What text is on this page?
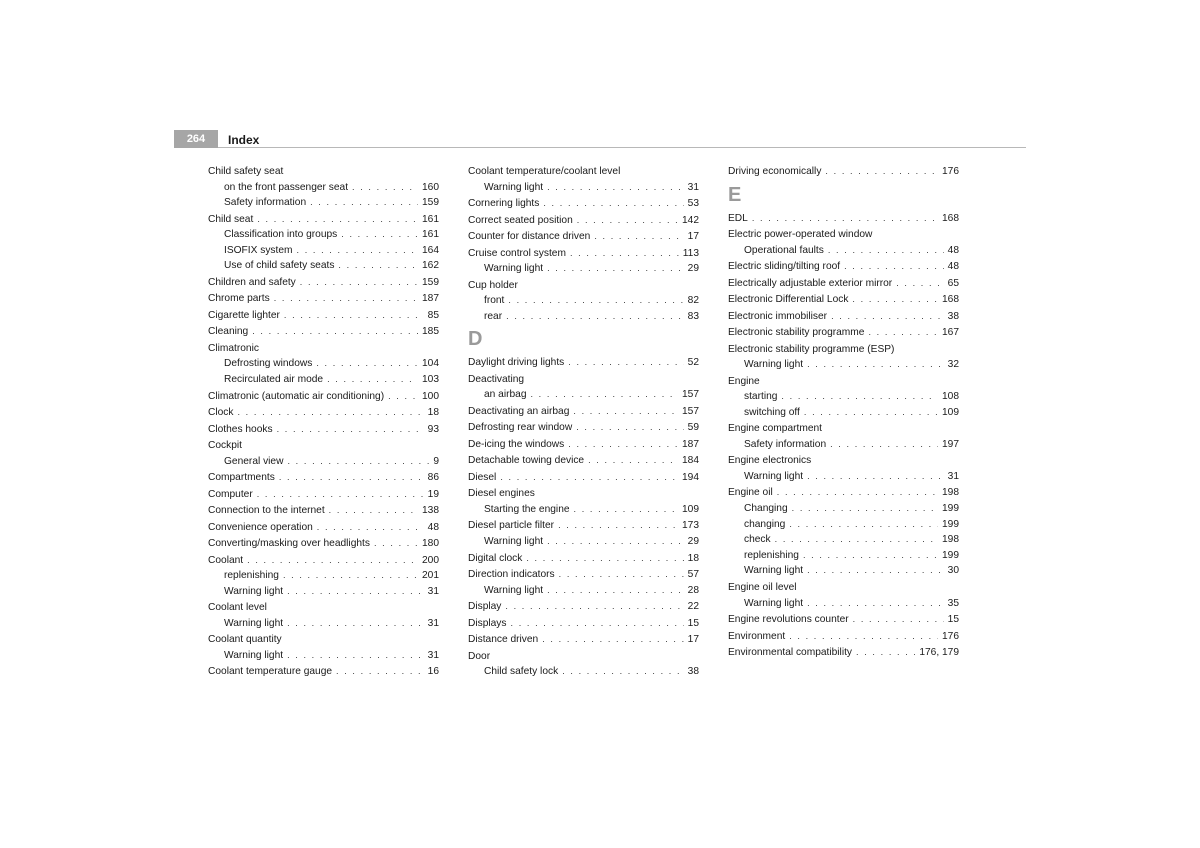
264	Index
Child safety seat
on the front passenger seat . . .	160
Safety information . . .	159
Child seat . . .	161
Classification into groups . . .	161
ISOFIX system . . .	164
Use of child safety seats . . .	162
Children and safety . . .	159
Chrome parts . . .	187
Cigarette lighter . . .	85
Cleaning . . .	185
Climatronic
Defrosting windows . . .	104
Recirculated air mode . . .	103
Climatronic (automatic air conditioning) . . .	100
Clock . . .	18
Clothes hooks . . .	93
Cockpit
General view . . .	9
Compartments . . .	86
Computer . . .	19
Connection to the internet . . .	138
Convenience operation . . .	48
Converting/masking over headlights . . .	180
Coolant . . .	200
replenishing . . .	201
Warning light . . .	31
Coolant level
Warning light . . .	31
Coolant quantity
Warning light . . .	31
Coolant temperature gauge . . .	16
Coolant temperature/coolant level
Warning light . . .	31
Cornering lights . . .	53
Correct seated position . . .	142
Counter for distance driven . . .	17
Cruise control system . . .	113
Warning light . . .	29
Cup holder
front . . .	82
rear . . .	83
D
Daylight driving lights . . .	52
Deactivating
an airbag . . .	157
Deactivating an airbag . . .	157
Defrosting rear window . . .	59
De-icing the windows . . .	187
Detachable towing device . . .	184
Diesel . . .	194
Diesel engines
Starting the engine . . .	109
Diesel particle filter . . .	173
Warning light . . .	29
Digital clock . . .	18
Direction indicators . . .	57
Warning light . . .	28
Display . . .	22
Displays . . .	15
Distance driven . . .	17
Door
Child safety lock . . .	38
Driving economically . . .	176
E
EDL . . .	168
Electric power-operated window
Operational faults . . .	48
Electric sliding/tilting roof . . .	48
Electrically adjustable exterior mirror . . .	65
Electronic Differential Lock . . .	168
Electronic immobiliser . . .	38
Electronic stability programme . . .	167
Electronic stability programme (ESP)
Warning light . . .	32
Engine
starting . . .	108
switching off . . .	109
Engine compartment
Safety information . . .	197
Engine electronics
Warning light . . .	31
Engine oil . . .	198
Changing . . .	199
changing . . .	199
check . . .	198
replenishing . . .	199
Warning light . . .	30
Engine oil level
Warning light . . .	35
Engine revolutions counter . . .	15
Environment . . .	176
Environmental compatibility . . .	176, 179
